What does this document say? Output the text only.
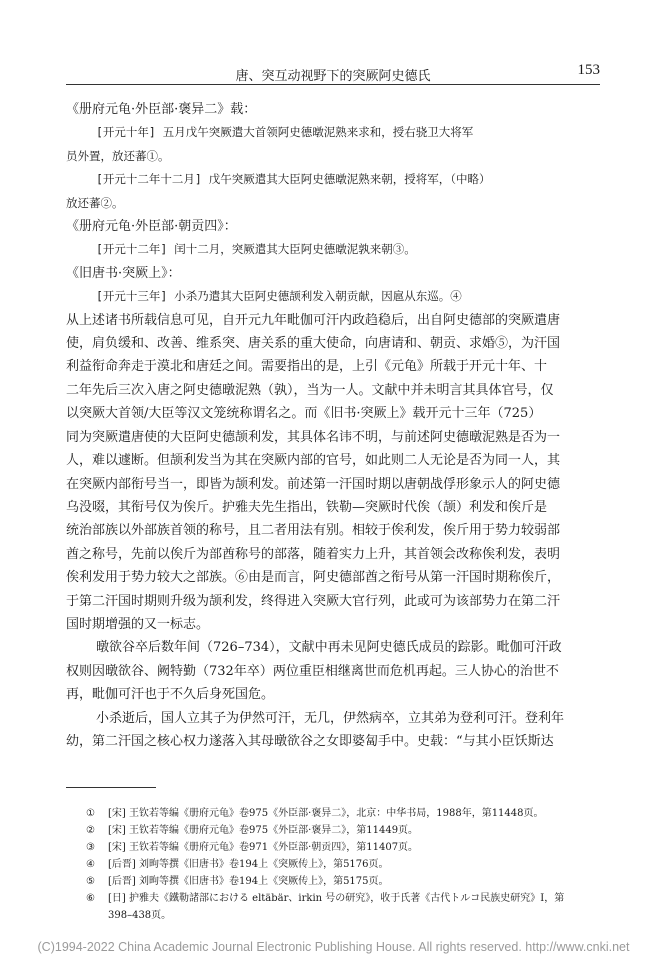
唐、突互动视野下的突厥阿史德氏	153

《册府元龟·外臣部·褒异二》载：

[开元十年] 五月戊午突厥遣大首领阿史德暾泥熟来求和，授右骁卫大将军

员外置，放还蕃①。

[开元十二年十二月] 戊午突厥遣其大臣阿史德暾泥熟来朝，授将军，（中略）

放还蕃②。

《册府元龟·外臣部·朝贡四》：

[开元十二年] 闰十二月，突厥遣其大臣阿史德暾泥孰来朝③。

《旧唐书·突厥上》：

[开元十三年] 小杀乃遣其大臣阿史德颉利发入朝贡献，因扈从东巡。④

从上述诸书所载信息可见，自开元九年毗伽可汗内政趋稳后，出自阿史德部的突厥遣唐

使，肩负缓和、改善、维系突、唐关系的重大使命，向唐请和、朝贡、求婚⑤，为汗国

利益衔命奔走于漠北和唐廷之间。需要指出的是，上引《元龟》所载于开元十年、十

二年先后三次入唐之阿史德暾泥熟（孰），当为一人。文献中并未明言其具体官号，仅

以突厥大首领/大臣等汉文笼统称谓名之。而《旧书·突厥上》载开元十三年（725）

同为突厥遣唐使的大臣阿史德颉利发，其具体名讳不明，与前述阿史德暾泥熟是否为一

人，难以遽断。但颉利发当为其在突厥内部的官号，如此则二人无论是否为同一人，其

在突厥内部衔号当一，即皆为颉利发。前述第一汗国时期以唐朝战俘形象示人的阿史德

乌没啜，其衔号仅为俟斤。护雅夫先生指出，铁勒—突厥时代俟（颉）利发和俟斤是

统治部族以外部族首领的称号，且二者用法有别。相较于俟利发，俟斤用于势力较弱部

酋之称号，先前以俟斤为部酋称号的部落，随着实力上升，其首领会改称俟利发，表明

俟利发用于势力较大之部族。⑥由是而言，阿史德部酋之衔号从第一汗国时期称俟斤，

于第二汗国时期则升级为颉利发，终得进入突厥大官行列，此或可为该部势力在第二汗

国时期增强的又一标志。

暾欲谷卒后数年间（726–734），文献中再未见阿史德氏成员的踪影。毗伽可汗政

权则因暾欲谷、阙特勤（732年卒）两位重臣相继离世而危机再起。三人协心的治世不

再，毗伽可汗也于不久后身死国危。

小杀逝后，国人立其子为伊然可汗，无几，伊然病卒，立其弟为登利可汗。登利年

幼，第二汗国之核心权力遂落入其母暾欲谷之女即婆匐手中。史载：“与其小臣饫斯达

① [宋] 王钦若等编《册府元龟》卷975《外臣部·褒异二》，北京：中华书局，1988年，第11448页。

② [宋] 王钦若等编《册府元龟》卷975《外臣部·褒异二》，第11449页。

③ [宋] 王钦若等编《册府元龟》卷971《外臣部·朝贡四》，第11407页。

④ [后晋] 刘昫等撰《旧唐书》卷194上《突厥传上》，第5176页。

⑤ [后晋] 刘昫等撰《旧唐书》卷194上《突厥传上》，第5175页。

⑥ [日] 护雅夫《鐵勒諸部における eltäbär、irkin 号の研究》，收于氏著《古代トルコ民族史研究》Ⅰ，第

398–438页。

(C)1994-2022 China Academic Journal Electronic Publishing House. All rights reserved. http://www.cnki.net
